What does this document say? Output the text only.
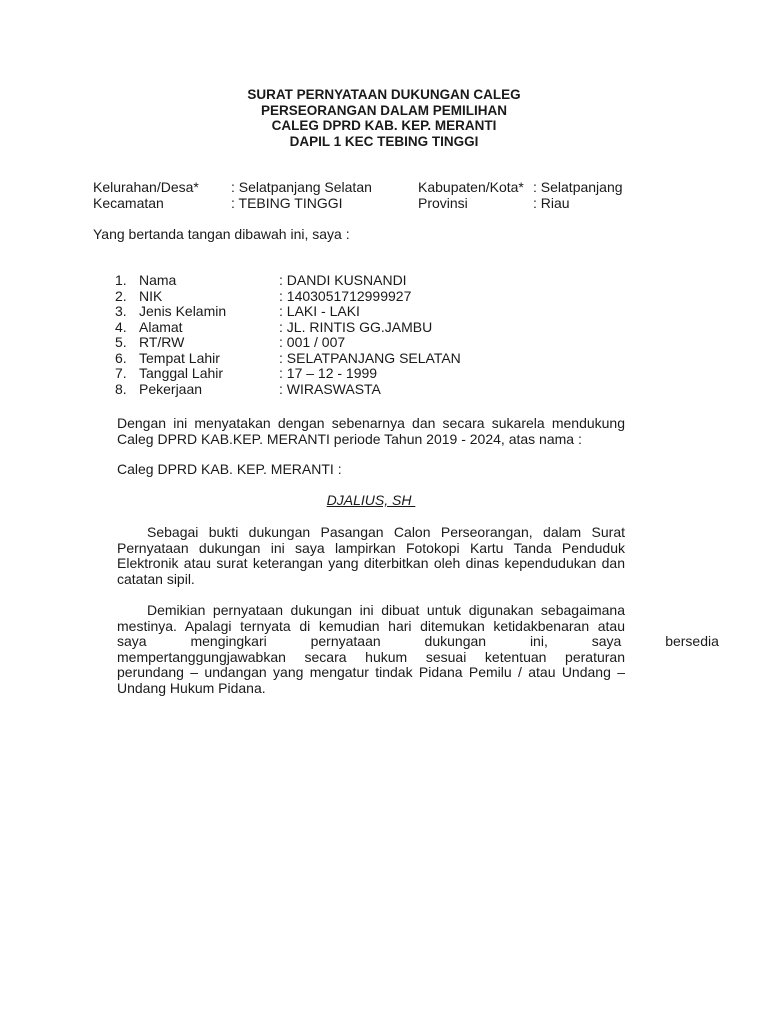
SURAT PERNYATAAN DUKUNGAN CALEG
PERSEORANGAN DALAM PEMILIHAN
CALEG DPRD KAB. KEP. MERANTI
DAPIL 1 KEC TEBING TINGGI
Kelurahan/Desa* : Selatpanjang Selatan	Kabupaten/Kota* : Selatpanjang
Kecamatan	: TEBING TINGGI	Provinsi	: Riau
Yang bertanda tangan dibawah ini, saya :
1. Nama	: DANDI KUSNANDI
2. NIK	: 1403051712999927
3. Jenis Kelamin	: LAKI - LAKI
4. Alamat	: JL. RINTIS GG.JAMBU
5. RT/RW	: 001 / 007
6. Tempat Lahir	: SELATPANJANG SELATAN
7. Tanggal Lahir	: 17 – 12 - 1999
8. Pekerjaan	: WIRASWASTA
Dengan ini menyatakan dengan sebenarnya dan secara sukarela mendukung
Caleg DPRD KAB.KEP. MERANTI periode Tahun 2019 - 2024, atas nama :
Caleg DPRD KAB. KEP. MERANTI :
DJALIUS, SH
Sebagai bukti dukungan Pasangan Calon Perseorangan, dalam Surat
Pernyataan dukungan ini saya lampirkan Fotokopi Kartu Tanda Penduduk
Elektronik atau surat keterangan yang diterbitkan oleh dinas kependudukan dan
catatan sipil.
Demikian pernyataan dukungan ini dibuat untuk digunakan sebagaimana
mestinya. Apalagi ternyata di kemudian hari ditemukan ketidakbenaran atau
saya mengingkari pernyataan dukungan ini, saya bersedia
mempertanggungjawabkan secara hukum sesuai ketentuan peraturan
perundang – undangan yang mengatur tindak Pidana Pemilu / atau Undang –
Undang Hukum Pidana.
